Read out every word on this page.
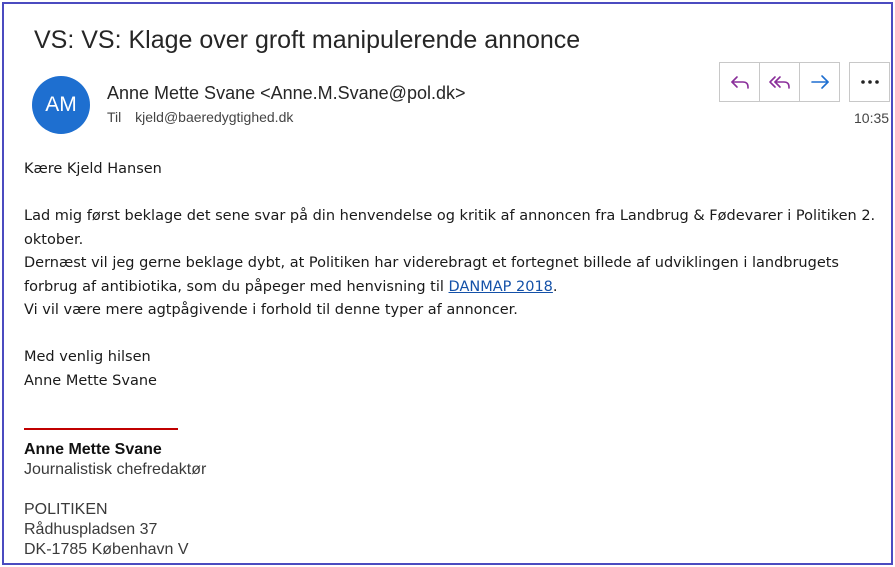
VS: VS: Klage over groft manipulerende annonce
AM	Anne Mette Svane <Anne.M.Svane@pol.dk>
Til kjeld@baeredygtighed.dk	10:35

Kære Kjeld Hansen

Lad mig først beklage det sene svar på din henvendelse og kritik af annoncen fra Landbrug & Fødevarer i Politiken 2. oktober.

Dernæst vil jeg gerne beklage dybt, at Politiken har viderebragt et fortegnet billede af udviklingen i landbrugets forbrug af antibiotika, som du påpeger med henvisning til DANMAP 2018.

Vi vil være mere agtpågivende i forhold til denne typer af annoncer.

Med venlig hilsen

Anne Mette Svane

Anne Mette Svane
Journalistisk chefredaktør
POLITIKEN
Rådhuspladsen 37
DK-1785 København V
